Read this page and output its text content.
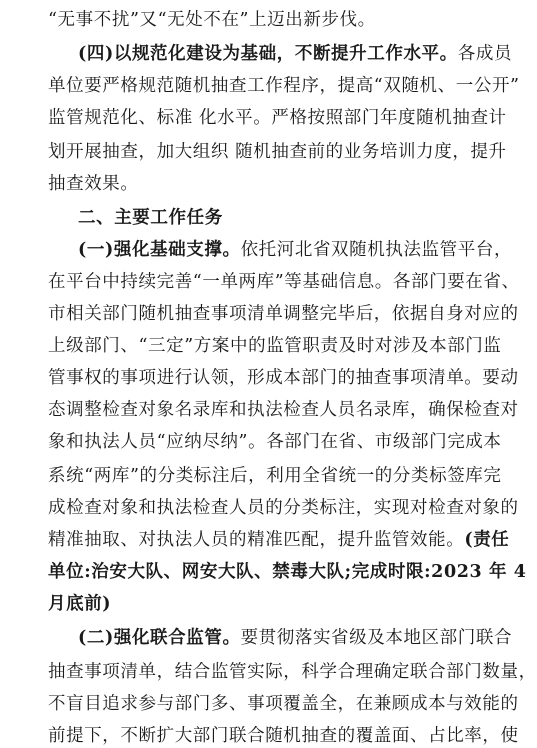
“无事不扰”又“无处不在”上迈出新步伐。
(四)以规范化建设为基础，不断提升工作水平。各成员
单位要严格规范随机抽查工作程序，提高“双随机、一公开”
监管规范化、标准 化水平。严格按照部门年度随机抽查计
划开展抽查，加大组织 随机抽查前的业务培训力度，提升
抽查效果。
二、主要工作任务
(一)强化基础支撑。依托河北省双随机执法监管平台，
在平台中持续完善“一单两库”等基础信息。各部门要在省、
市相关部门随机抽查事项清单调整完毕后，依据自身对应的
上级部门、“三定”方案中的监管职责及时对涉及本部门监
管事权的事项进行认领，形成本部门的抽查事项清单。要动
态调整检查对象名录库和执法检查人员名录库，确保检查对
象和执法人员“应纳尽纳”。各部门在省、市级部门完成本
系统“两库”的分类标注后，利用全省统一的分类标签库完
成检查对象和执法检查人员的分类标注，实现对检查对象的
精准抽取、对执法人员的精准匹配，提升监管效能。(责任
单位:治安大队、网安大队、禁毒大队;完成时限:2023 年 4
月底前)
(二)强化联合监管。要贯彻落实省级及本地区部门联合
抽查事项清单，结合监管实际，科学合理确定联合部门数量，
不盲目追求参与部门多、事项覆盖全，在兼顾成本与效能的
前提下，不断扩大部门联合随机抽查的覆盖面、占比率，使
